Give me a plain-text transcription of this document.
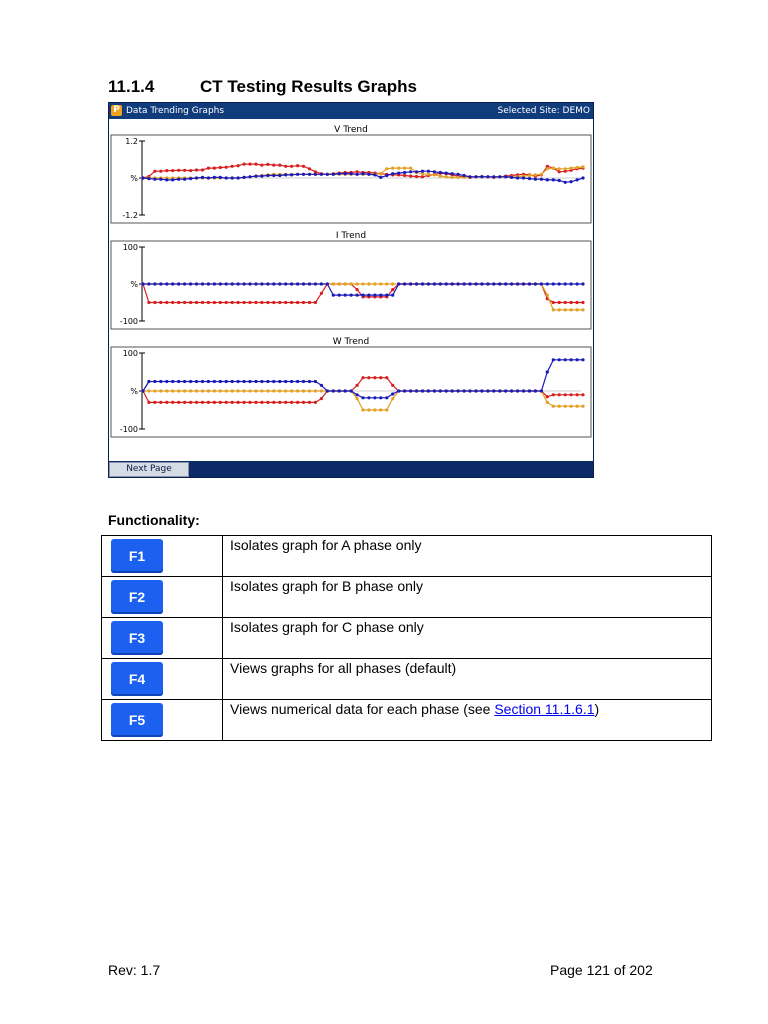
11.1.4	CT Testing Results Graphs
P Data Trending Graphs	Selected Site: DEMO
V Trend
1.2
%
-1.2
I Trend
100
%
-100
W Trend
100
%
-100
Next Page
Functionality:
F1	Isolates graph for A phase only

F2	Isolates graph for B phase only

F3	Isolates graph for C phase only

F4	Views graphs for all phases (default)

F5	Views numerical data for each phase (see Section 11.1.6.1)
Rev: 1.7	Page 121 of 202
